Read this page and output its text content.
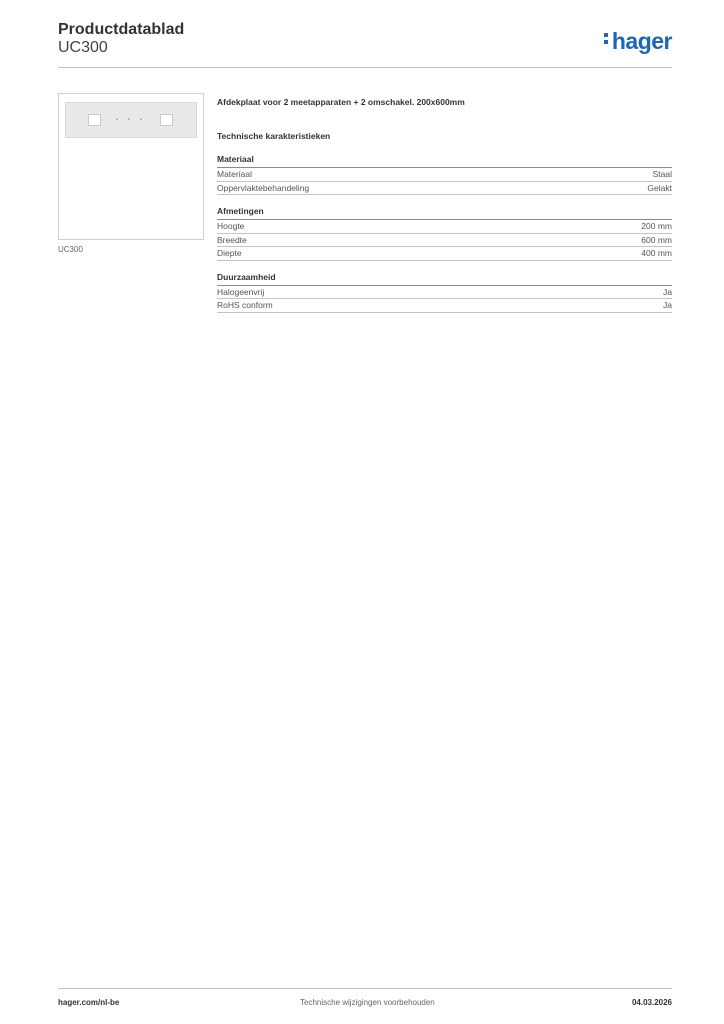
Productdatablad
UC300	hager
UC300
Afdekplaat voor 2 meetapparaten + 2 omschakel. 200x600mm
Technische karakteristieken
Materiaal
Materiaal	Staal
Oppervlaktebehandeling	Gelakt
Afmetingen
Hoogte	200 mm
Breedte	600 mm
Diepte	400 mm
Duurzaamheid
Halogeenvrij	Ja
RoHS conform	Ja
hager.com/nl-be	Technische wijzigingen voorbehouden	04.03.2026
